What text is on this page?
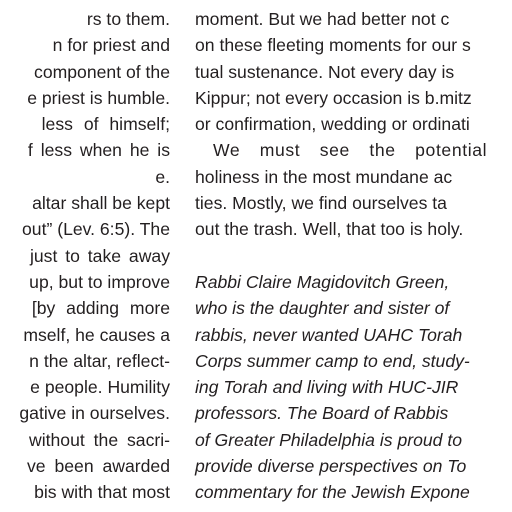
rs to them.
n for priest and
component of the
e priest is humble.
less of himself;
f less when he is
e.
altar shall be kept
out” (Lev. 6:5). The
just to take away
up, but to improve
[by adding more
mself, he causes a
n the altar, reflect-
e people. Humility
gative in ourselves.
without the sacri-
ve been awarded
bis with that most
moment. But we had better not c
on these fleeting moments for our s
tual sustenance. Not every day is
Kippur; not every occasion is b.mitz
or confirmation, wedding or ordinati
We must see the potential
holiness in the most mundane ac
ties. Mostly, we find ourselves ta
out the trash. Well, that too is holy.
Rabbi Claire Magidovitch Green,
who is the daughter and sister of
rabbis, never wanted UAHC Torah
Corps summer camp to end, study-
ing Torah and living with HUC-JIR
professors. The Board of Rabbis
of Greater Philadelphia is proud to
provide diverse perspectives on To
commentary for the Jewish Expone
